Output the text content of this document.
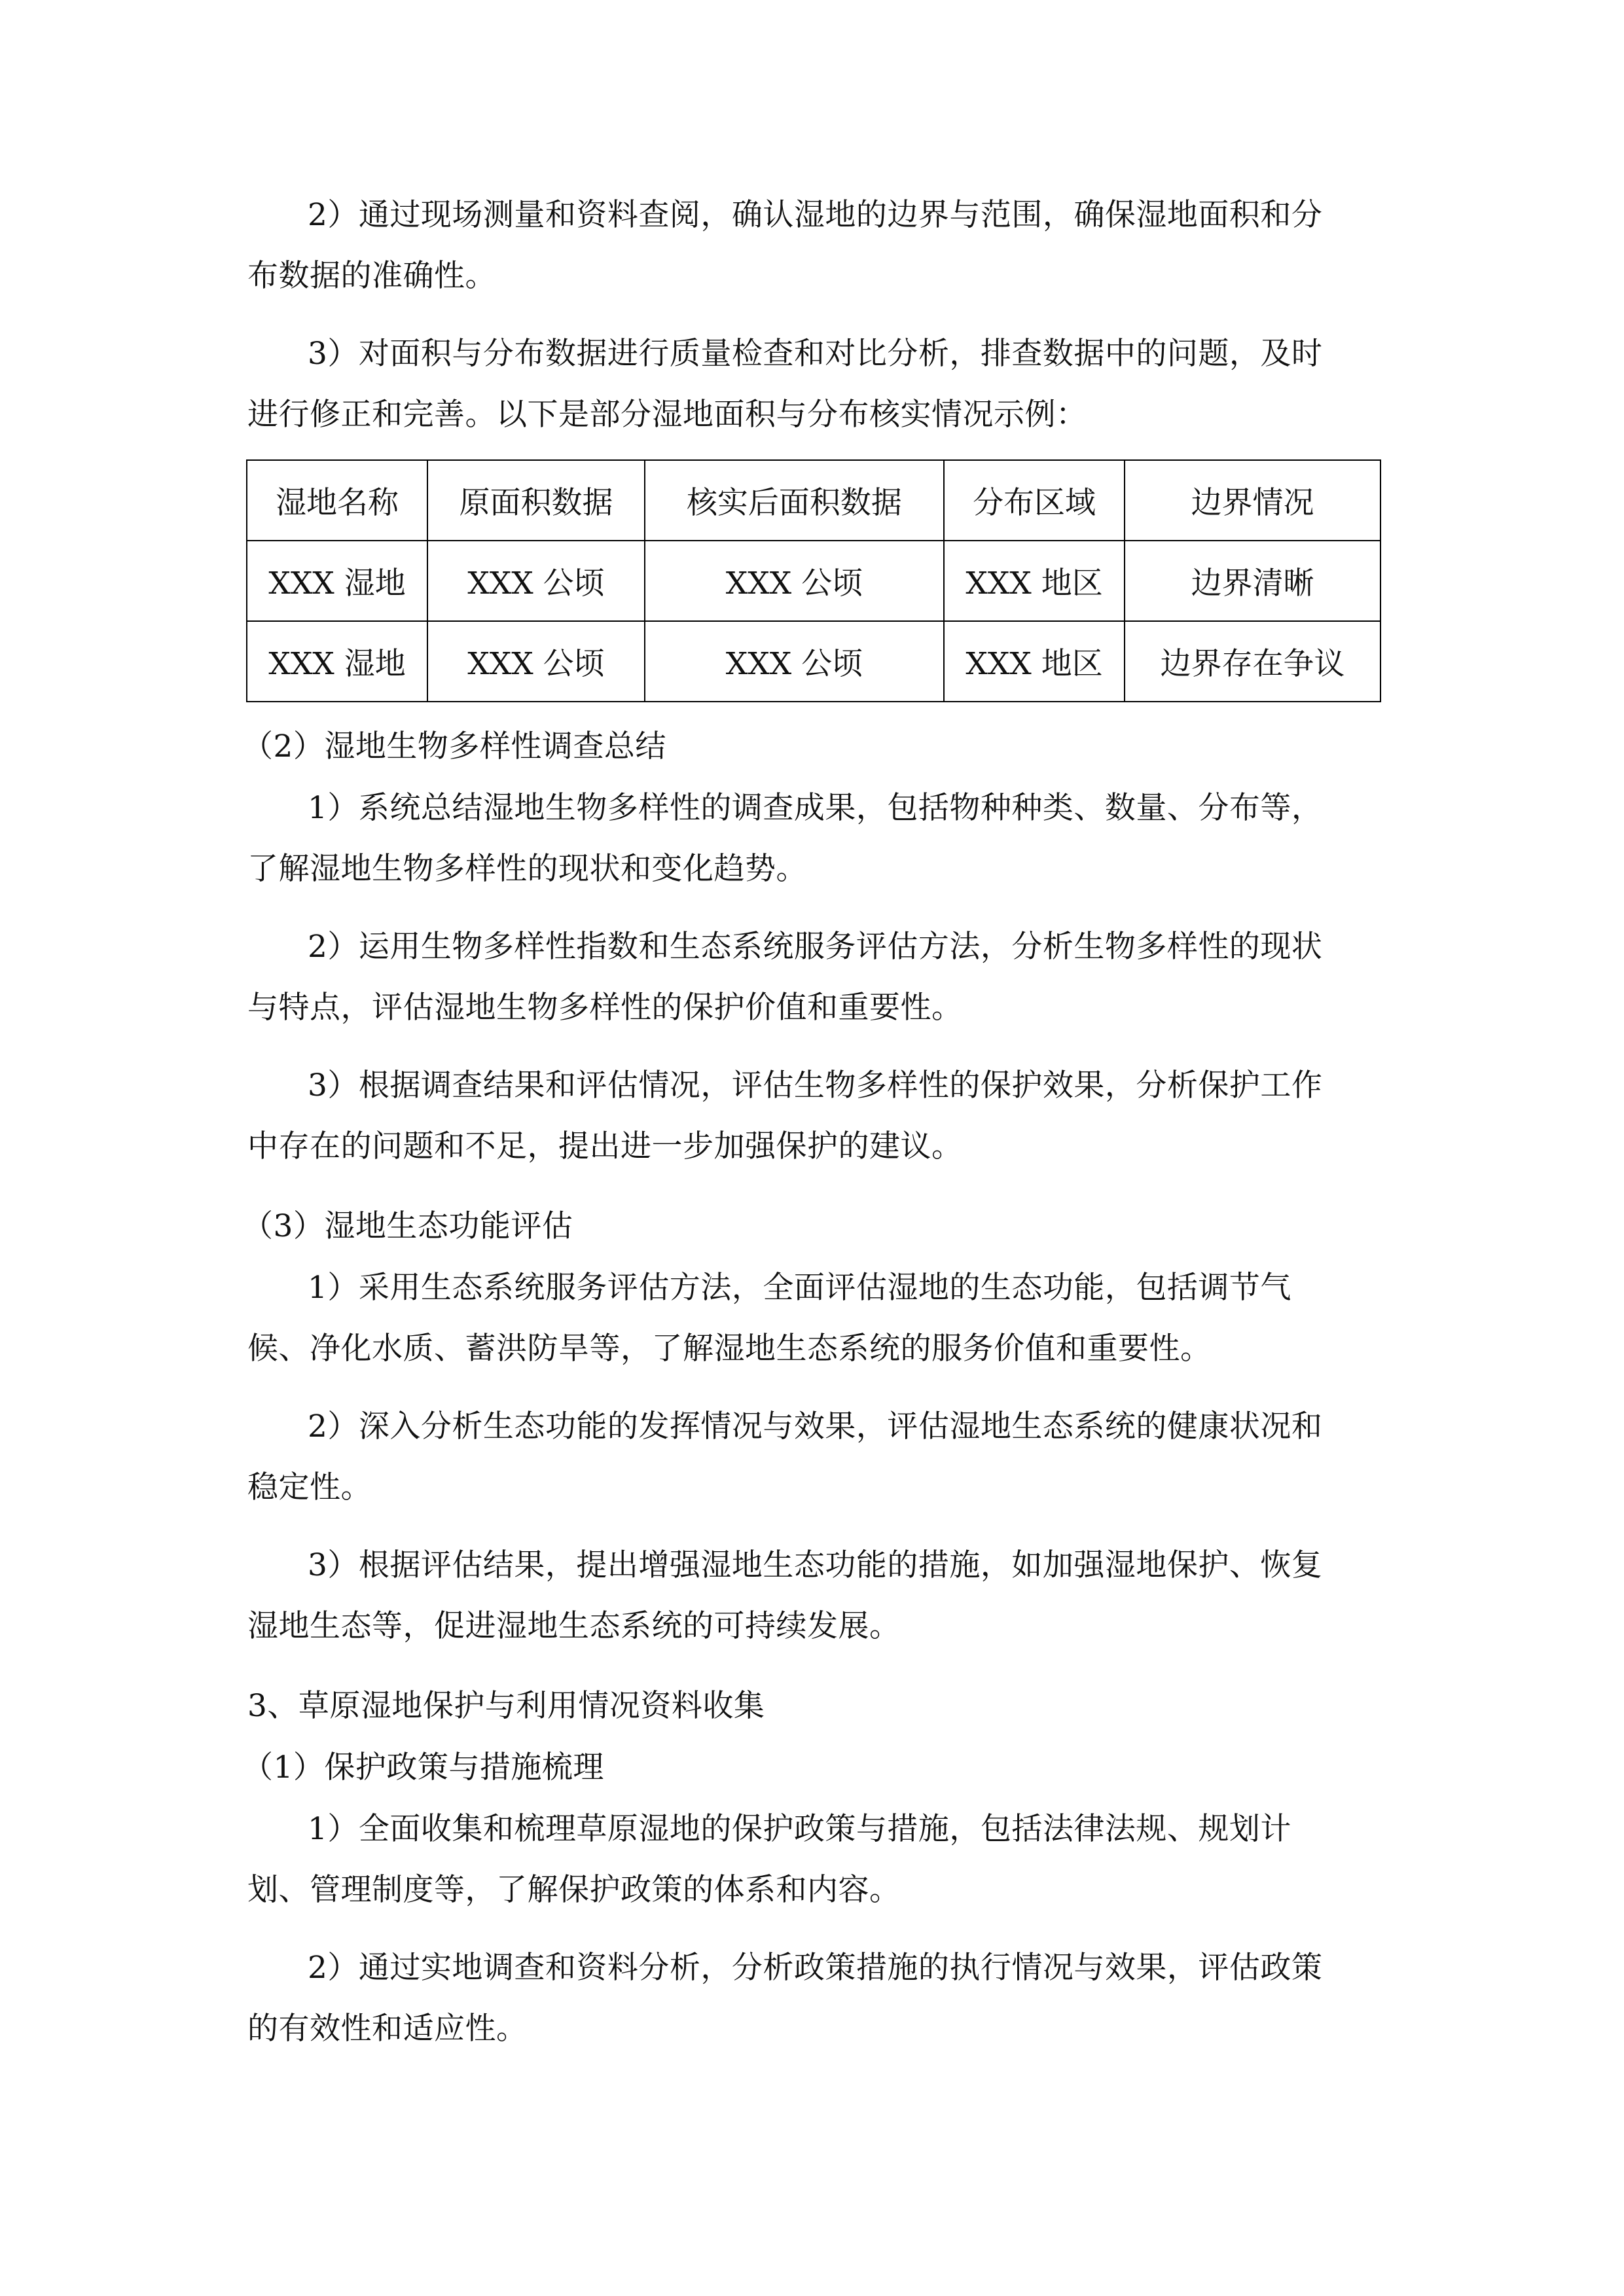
2）通过现场测量和资料查阅，确认湿地的边界与范围，确保湿地面积和分
布数据的准确性。
3）对面积与分布数据进行质量检查和对比分析，排查数据中的问题，及时
进行修正和完善。以下是部分湿地面积与分布核实情况示例：
湿地名称	原面积数据	核实后面积数据	分布区域	边界情况
XXX 湿地	XXX 公顷	XXX 公顷	XXX 地区	边界清晰
XXX 湿地	XXX 公顷	XXX 公顷	XXX 地区	边界存在争议
（2）湿地生物多样性调查总结
1）系统总结湿地生物多样性的调查成果，包括物种种类、数量、分布等，
了解湿地生物多样性的现状和变化趋势。
2）运用生物多样性指数和生态系统服务评估方法，分析生物多样性的现状
与特点，评估湿地生物多样性的保护价值和重要性。
3）根据调查结果和评估情况，评估生物多样性的保护效果，分析保护工作
中存在的问题和不足，提出进一步加强保护的建议。
（3）湿地生态功能评估
1）采用生态系统服务评估方法，全面评估湿地的生态功能，包括调节气
候、净化水质、蓄洪防旱等，了解湿地生态系统的服务价值和重要性。
2）深入分析生态功能的发挥情况与效果，评估湿地生态系统的健康状况和
稳定性。
3）根据评估结果，提出增强湿地生态功能的措施，如加强湿地保护、恢复
湿地生态等，促进湿地生态系统的可持续发展。
3、草原湿地保护与利用情况资料收集
（1）保护政策与措施梳理
1）全面收集和梳理草原湿地的保护政策与措施，包括法律法规、规划计
划、管理制度等，了解保护政策的体系和内容。
2）通过实地调查和资料分析，分析政策措施的执行情况与效果，评估政策
的有效性和适应性。
